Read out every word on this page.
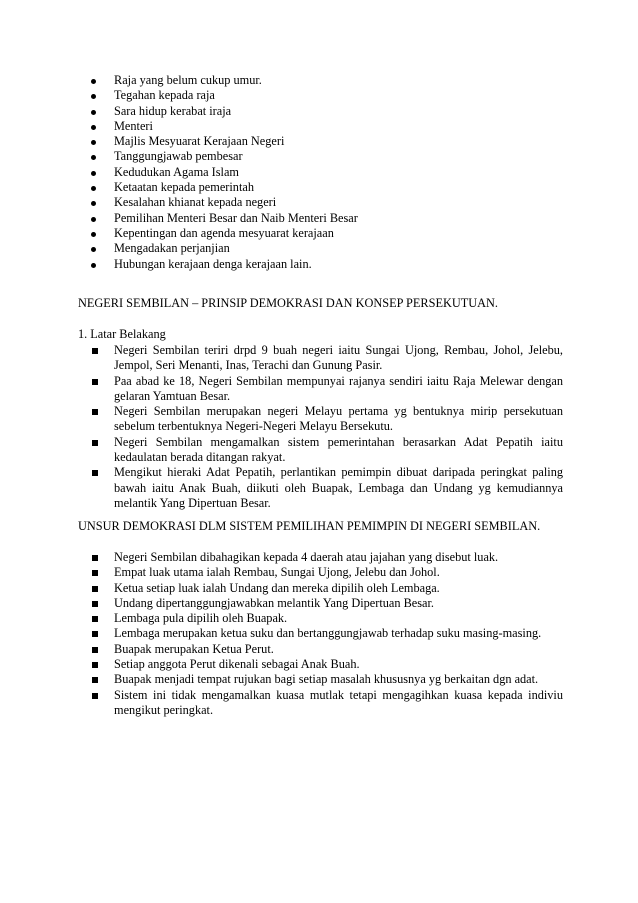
Raja yang belum cukup umur.
Tegahan kepada raja
Sara hidup kerabat iraja
Menteri
Majlis Mesyuarat Kerajaan Negeri
Tanggungjawab pembesar
Kedudukan Agama Islam
Ketaatan kepada pemerintah
Kesalahan khianat kepada negeri
Pemilihan Menteri Besar dan Naib Menteri Besar
Kepentingan dan agenda mesyuarat kerajaan
Mengadakan perjanjian
Hubungan kerajaan denga kerajaan lain.
NEGERI SEMBILAN – PRINSIP DEMOKRASI DAN KONSEP PERSEKUTUAN.
1. Latar Belakang
Negeri Sembilan teriri drpd 9 buah negeri iaitu Sungai Ujong, Rembau, Johol, Jelebu, Jempol, Seri Menanti, Inas, Terachi dan Gunung Pasir.
Paa abad ke 18, Negeri Sembilan mempunyai rajanya sendiri iaitu Raja Melewar dengan gelaran Yamtuan Besar.
Negeri Sembilan merupakan negeri Melayu pertama yg bentuknya mirip persekutuan sebelum terbentuknya Negeri-Negeri Melayu Bersekutu.
Negeri Sembilan mengamalkan sistem pemerintahan berasarkan Adat Pepatih iaitu kedaulatan berada ditangan rakyat.
Mengikut hieraki Adat Pepatih, perlantikan pemimpin dibuat daripada peringkat paling bawah iaitu Anak Buah, diikuti oleh Buapak, Lembaga dan Undang yg kemudiannya melantik Yang Dipertuan Besar.
UNSUR DEMOKRASI DLM SISTEM PEMILIHAN PEMIMPIN DI NEGERI SEMBILAN.
Negeri Sembilan dibahagikan kepada 4 daerah atau jajahan yang disebut luak.
Empat luak utama ialah Rembau, Sungai Ujong, Jelebu dan Johol.
Ketua setiap luak ialah Undang dan mereka dipilih oleh Lembaga.
Undang dipertanggungjawabkan melantik Yang Dipertuan Besar.
Lembaga pula dipilih oleh Buapak.
Lembaga merupakan ketua suku dan bertanggungjawab terhadap suku masing-masing.
Buapak merupakan Ketua Perut.
Setiap anggota Perut dikenali sebagai Anak Buah.
Buapak menjadi tempat rujukan bagi setiap masalah khususnya yg berkaitan dgn adat.
Sistem ini tidak mengamalkan kuasa mutlak tetapi mengagihkan kuasa kepada indiviu mengikut peringkat.
